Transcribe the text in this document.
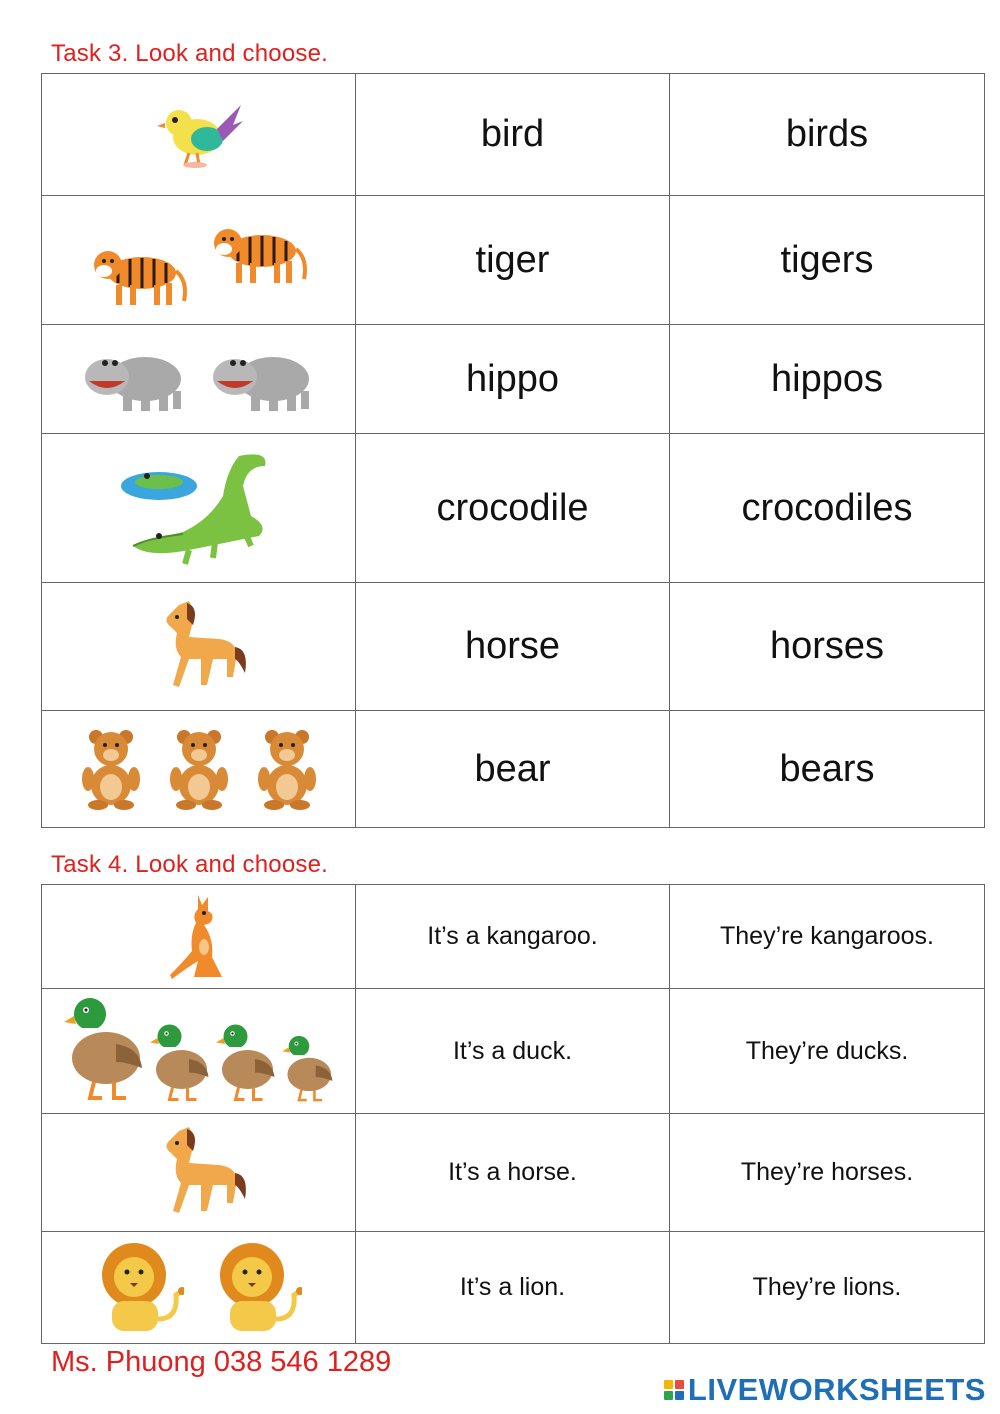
Task 3. Look and choose.
	bird	birds

	tiger	tigers

	hippo	hippos

	crocodile	crocodiles

	horse	horses

	bear	bears
Task 4. Look and choose.
	It’s a kangaroo.	They’re kangaroos.

	It’s a duck.	They’re ducks.

	It’s a horse.	They’re horses.

	It’s a lion.	They’re lions.
Ms. Phuong 038 546 1289
LIVEWORKSHEETS
